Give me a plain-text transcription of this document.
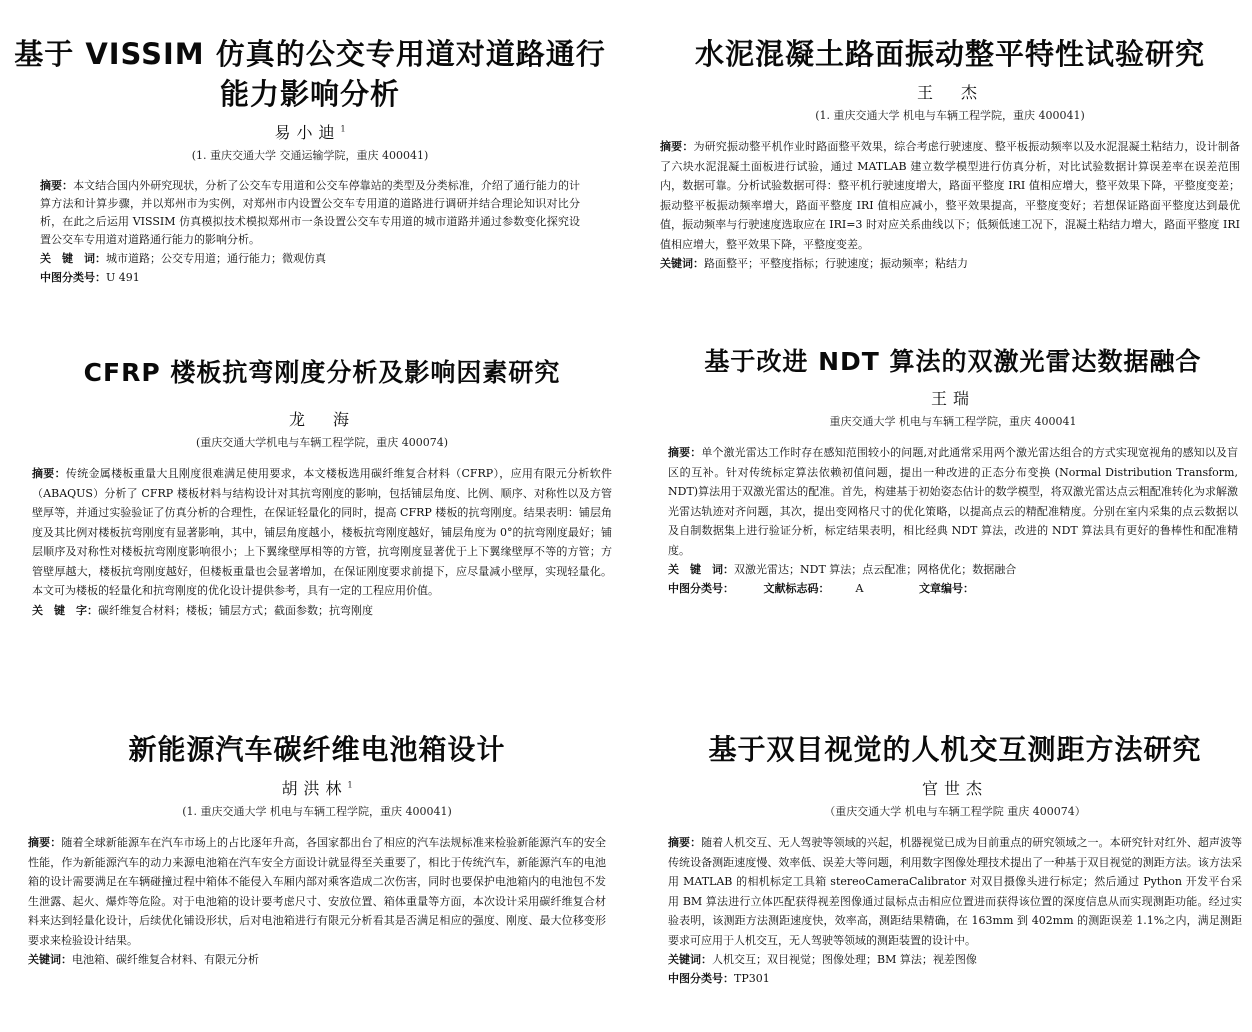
基于 VISSIM 仿真的公交专用道对道路通行
能力影响分析
易小迪$^1$
(1. 重庆交通大学 交通运输学院，重庆 400041)

摘要：本文结合国内外研究现状，分析了公交车专用道和公交车停靠站的类型及分类标准，介绍了通行能力的计算方法和计算步骤，并以郑州市为实例，对郑州市内设置公交车专用道的道路进行调研并结合理论知识对比分析，在此之后运用 VISSIM 仿真模拟技术模拟郑州市一条设置公交车专用道的城市道路并通过参数变化探究设置公交车专用道对道路通行能力的影响分析。

关　键　词：城市道路；公交专用道；通行能力；微观仿真

中图分类号：U 491

水泥混凝土路面振动整平特性试验研究
王　杰
(1. 重庆交通大学 机电与车辆工程学院，重庆 400041)

摘要：为研究振动整平机作业时路面整平效果，综合考虑行驶速度、整平板振动频率以及水泥混凝土粘结力，设计制备了六块水泥混凝土面板进行试验，通过 MATLAB 建立数学模型进行仿真分析，对比试验数据计算误差率在误差范围内，数据可靠。分析试验数据可得：整平机行驶速度增大，路面平整度 IRI 值相应增大，整平效果下降，平整度变差；振动整平板振动频率增大，路面平整度 IRI 值相应减小，整平效果提高，平整度变好；若想保证路面平整度达到最优值，振动频率与行驶速度选取应在 IRI=3 时对应关系曲线以下；低频低速工况下，混凝土粘结力增大，路面平整度 IRI 值相应增大，整平效果下降，平整度变差。

关键词：路面整平；平整度指标；行驶速度；振动频率；粘结力

CFRP 楼板抗弯刚度分析及影响因素研究
龙　海
(重庆交通大学机电与车辆工程学院，重庆 400074)

摘要：传统金属楼板重量大且刚度很难满足使用要求，本文楼板选用碳纤维复合材料（CFRP），应用有限元分析软件（ABAQUS）分析了 CFRP 楼板材料与结构设计对其抗弯刚度的影响，包括铺层角度、比例、顺序、对称性以及方管壁厚等，并通过实验验证了仿真分析的合理性，在保证轻量化的同时，提高 CFRP 楼板的抗弯刚度。结果表明：铺层角度及其比例对楼板抗弯刚度有显著影响，其中，铺层角度越小，楼板抗弯刚度越好，铺层角度为 0°的抗弯刚度最好；铺层顺序及对称性对楼板抗弯刚度影响很小；上下翼缘壁厚相等的方管，抗弯刚度显著优于上下翼缘壁厚不等的方管；方管壁厚越大，楼板抗弯刚度越好，但楼板重量也会显著增加，在保证刚度要求前提下，应尽量减小壁厚，实现轻量化。本文可为楼板的轻量化和抗弯刚度的优化设计提供参考，具有一定的工程应用价值。

关　键　字：碳纤维复合材料；楼板；铺层方式；截面参数；抗弯刚度

基于改进 NDT 算法的双激光雷达数据融合
王瑞
重庆交通大学 机电与车辆工程学院，重庆 400041

摘要：单个激光雷达工作时存在感知范围较小的问题,对此通常采用两个激光雷达组合的方式实现宽视角的感知以及盲区的互补。针对传统标定算法依赖初值问题，提出一种改进的正态分布变换 (Normal Distribution Transform, NDT)算法用于双激光雷达的配准。首先，构建基于初始姿态估计的数学模型，将双激光雷达点云粗配准转化为求解激光雷达轨迹对齐问题，其次，提出变网格尺寸的优化策略，以提高点云的精配准精度。分别在室内采集的点云数据以及自制数据集上进行验证分析，标定结果表明，相比经典 NDT 算法，改进的 NDT 算法具有更好的鲁棒性和配准精度。

关　键　词：双激光雷达；NDT 算法；点云配准；网格优化；数据融合

中图分类号：	文献标志码： A	文章编号：

新能源汽车碳纤维电池箱设计
胡洪林$^1$
(1. 重庆交通大学 机电与车辆工程学院，重庆 400041)

摘要：随着全球新能源车在汽车市场上的占比逐年升高，各国家都出台了相应的汽车法规标准来检验新能源汽车的安全性能，作为新能源汽车的动力来源电池箱在汽车安全方面设计就显得至关重要了，相比于传统汽车，新能源汽车的电池箱的设计需要满足在车辆碰撞过程中箱体不能侵入车厢内部对乘客造成二次伤害，同时也要保护电池箱内的电池包不发生泄露、起火、爆炸等危险。对于电池箱的设计要考虑尺寸、安放位置、箱体重量等方面，本次设计采用碳纤维复合材料来达到轻量化设计，后续优化铺设形状，后对电池箱进行有限元分析看其是否满足相应的强度、刚度、最大位移变形要求来检验设计结果。

关键词：电池箱、碳纤维复合材料、有限元分析

基于双目视觉的人机交互测距方法研究
官世杰
（重庆交通大学 机电与车辆工程学院 重庆 400074）

摘要：随着人机交互、无人驾驶等领域的兴起，机器视觉已成为目前重点的研究领域之一。本研究针对红外、超声波等传统设备测距速度慢、效率低、误差大等问题，利用数字图像处理技术提出了一种基于双目视觉的测距方法。该方法采用 MATLAB 的相机标定工具箱 stereoCameraCalibrator 对双目摄像头进行标定；然后通过 Python 开发平台采用 BM 算法进行立体匹配获得视差图像通过鼠标点击相应位置进而获得该位置的深度信息从而实现测距功能。经过实验表明，该测距方法测距速度快，效率高，测距结果精确，在 163mm 到 402mm 的测距误差 1.1%之内，满足测距要求可应用于人机交互，无人驾驶等领域的测距装置的设计中。

关键词：人机交互；双目视觉；图像处理；BM 算法；视差图像

中图分类号：TP301
